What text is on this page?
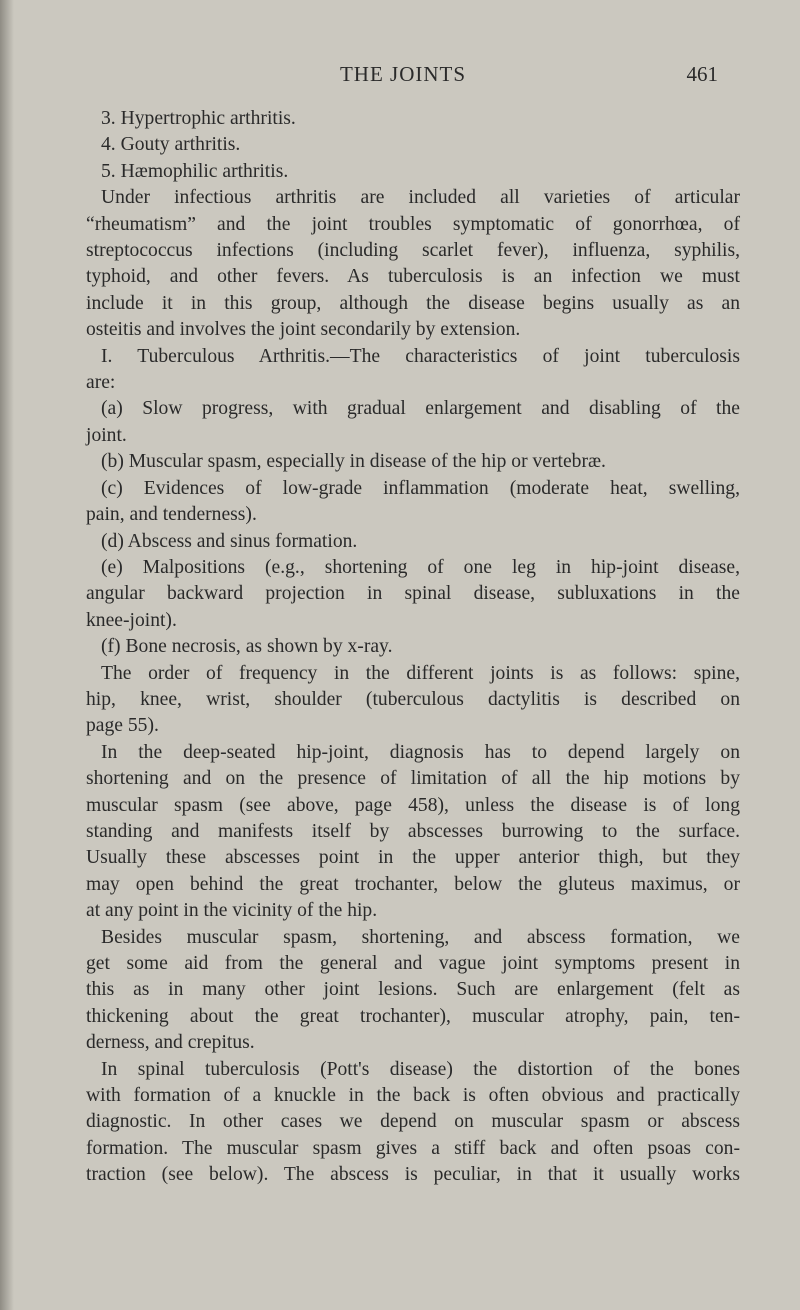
THE JOINTS	461
3. Hypertrophic arthritis.
4. Gouty arthritis.
5. Hæmophilic arthritis.
Under infectious arthritis are included all varieties of articular
“rheumatism” and the joint troubles symptomatic of gonorrhœa, of
streptococcus infections (including scarlet fever), influenza, syphilis,
typhoid, and other fevers. As tuberculosis is an infection we must
include it in this group, although the disease begins usually as an
osteitis and involves the joint secondarily by extension.
I. Tuberculous Arthritis.—The characteristics of joint tuberculosis
are:
(a) Slow progress, with gradual enlargement and disabling of the
joint.
(b) Muscular spasm, especially in disease of the hip or vertebræ.
(c) Evidences of low-grade inflammation (moderate heat, swelling,
pain, and tenderness).
(d) Abscess and sinus formation.
(e) Malpositions (e.g., shortening of one leg in hip-joint disease,
angular backward projection in spinal disease, subluxations in the
knee-joint).
(f) Bone necrosis, as shown by x-ray.
The order of frequency in the different joints is as follows: spine,
hip, knee, wrist, shoulder (tuberculous dactylitis is described on
page 55).
In the deep-seated hip-joint, diagnosis has to depend largely on
shortening and on the presence of limitation of all the hip motions by
muscular spasm (see above, page 458), unless the disease is of long
standing and manifests itself by abscesses burrowing to the surface.
Usually these abscesses point in the upper anterior thigh, but they
may open behind the great trochanter, below the gluteus maximus, or
at any point in the vicinity of the hip.
Besides muscular spasm, shortening, and abscess formation, we
get some aid from the general and vague joint symptoms present in
this as in many other joint lesions. Such are enlargement (felt as
thickening about the great trochanter), muscular atrophy, pain, ten-
derness, and crepitus.
In spinal tuberculosis (Pott's disease) the distortion of the bones
with formation of a knuckle in the back is often obvious and practically
diagnostic. In other cases we depend on muscular spasm or abscess
formation. The muscular spasm gives a stiff back and often psoas con-
traction (see below). The abscess is peculiar, in that it usually works
